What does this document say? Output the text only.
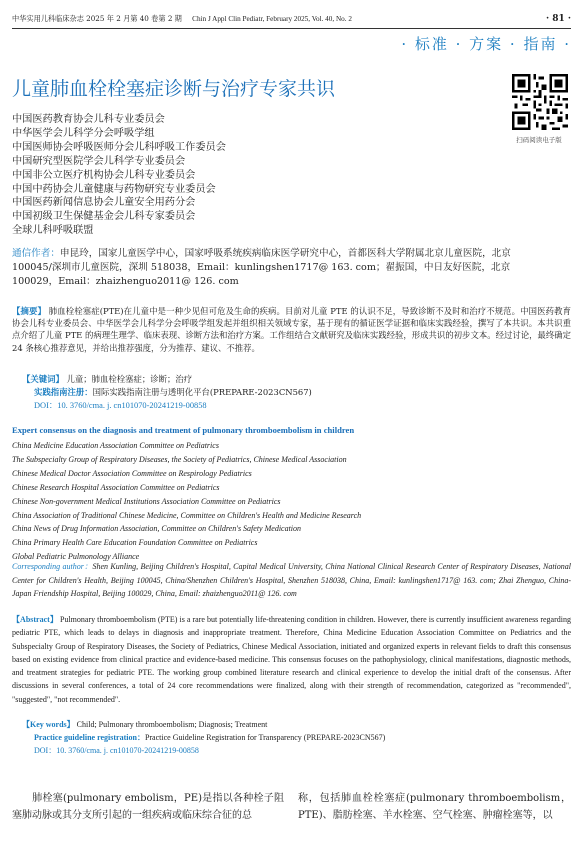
中华实用儿科临床杂志 2025 年 2 月第 40 卷第 2 期 Chin J Appl Clin Pediatr, February 2025, Vol. 40, No. 2	· 81 ·
· 标准 · 方案 · 指南 ·
儿童肺血栓栓塞症诊断与治疗专家共识
扫码阅读电子版
中国医药教育协会儿科专业委员会
中华医学会儿科学分会呼吸学组
中国医师协会呼吸医师分会儿科呼吸工作委员会
中国研究型医院学会儿科学专业委员会
中国非公立医疗机构协会儿科专业委员会
中国中药协会儿童健康与药物研究专业委员会
中国医药新闻信息协会儿童安全用药分会
中国初级卫生保健基金会儿科专家委员会
全球儿科呼吸联盟
通信作者：申昆玲，国家儿童医学中心，国家呼吸系统疾病临床医学研究中心，首都医科大学附属北京儿童医院，北京 100045/深圳市儿童医院，深圳 518038，Email：kunlingshen1717@ 163. com；翟振国，中日友好医院，北京 100029，Email：zhaizhenguo2011@ 126. com
【摘要】 肺血栓栓塞症(PTE)在儿童中是一种少见但可危及生命的疾病。目前对儿童 PTE 的认识不足，导致诊断不及时和治疗不规范。中国医药教育协会儿科专业委员会、中华医学会儿科学分会呼吸学组发起并组织相关领域专家，基于现有的循证医学证据和临床实践经验，撰写了本共识。本共识重点介绍了儿童 PTE 的病理生理学、临床表现、诊断方法和治疗方案。工作组结合文献研究及临床实践经验，形成共识的初步文本。经过讨论，最终确定 24 条核心推荐意见，并给出推荐强度，分为推荐、建议、不推荐。
【关键词】 儿童；肺血栓栓塞症；诊断；治疗
实践指南注册：国际实践指南注册与透明化平台(PREPARE-2023CN567)
DOI：10. 3760/cma. j. cn101070-20241219-00858
Expert consensus on the diagnosis and treatment of pulmonary thromboembolism in children
China Medicine Education Association Committee on Pediatrics
The Subspecialty Group of Respiratory Diseases, the Society of Pediatrics, Chinese Medical Association
Chinese Medical Doctor Association Committee on Respirology Pediatrics
Chinese Research Hospital Association Committee on Pediatrics
Chinese Non-government Medical Institutions Association Committee on Pediatrics
China Association of Traditional Chinese Medicine, Committee on Children's Health and Medicine Research
China News of Drug Information Association, Committee on Children's Safety Medication
China Primary Health Care Education Foundation Committee on Pediatrics
Global Pediatric Pulmonology Alliance
Corresponding author：Shen Kunling, Beijing Children's Hospital, Capital Medical University, China National Clinical Research Center of Respiratory Diseases, National Center for Children's Health, Beijing 100045, China/Shenzhen Children's Hospital, Shenzhen 518038, China, Email: kunlingshen1717@ 163. com; Zhai Zhenguo, China-Japan Friendship Hospital, Beijing 100029, China, Email: zhaizhenguo2011@ 126. com
【Abstract】 Pulmonary thromboembolism (PTE) is a rare but potentially life-threatening condition in children. However, there is currently insufficient awareness regarding pediatric PTE, which leads to delays in diagnosis and inappropriate treatment. Therefore, China Medicine Education Association Committee on Pediatrics and the Subspecialty Group of Respiratory Diseases, the Society of Pediatrics, Chinese Medical Association, initiated and organized experts in relevant fields to draft this consensus based on existing evidence from clinical practice and evidence-based medicine. This consensus focuses on the pathophysiology, clinical manifestations, diagnostic methods, and treatment strategies for pediatric PTE. The working group combined literature research and clinical experience to develop the initial draft of the consensus. After discussions in several conferences, a total of 24 core recommendations were finalized, along with their strength of recommendation, categorized as "recommended", "suggested", "not recommended".
【Key words】 Child; Pulmonary thromboembolism; Diagnosis; Treatment
Practice guideline registration：Practice Guideline Registration for Transparency (PREPARE-2023CN567)
DOI：10. 3760/cma. j. cn101070-20241219-00858
肺栓塞(pulmonary embolism，PE)是指以各种栓子阻塞肺动脉或其分支所引起的一组疾病或临床综合征的总
称，包括肺血栓栓塞症(pulmonary thromboembolism，PTE)、脂肪栓塞、羊水栓塞、空气栓塞、肿瘤栓塞等，以
